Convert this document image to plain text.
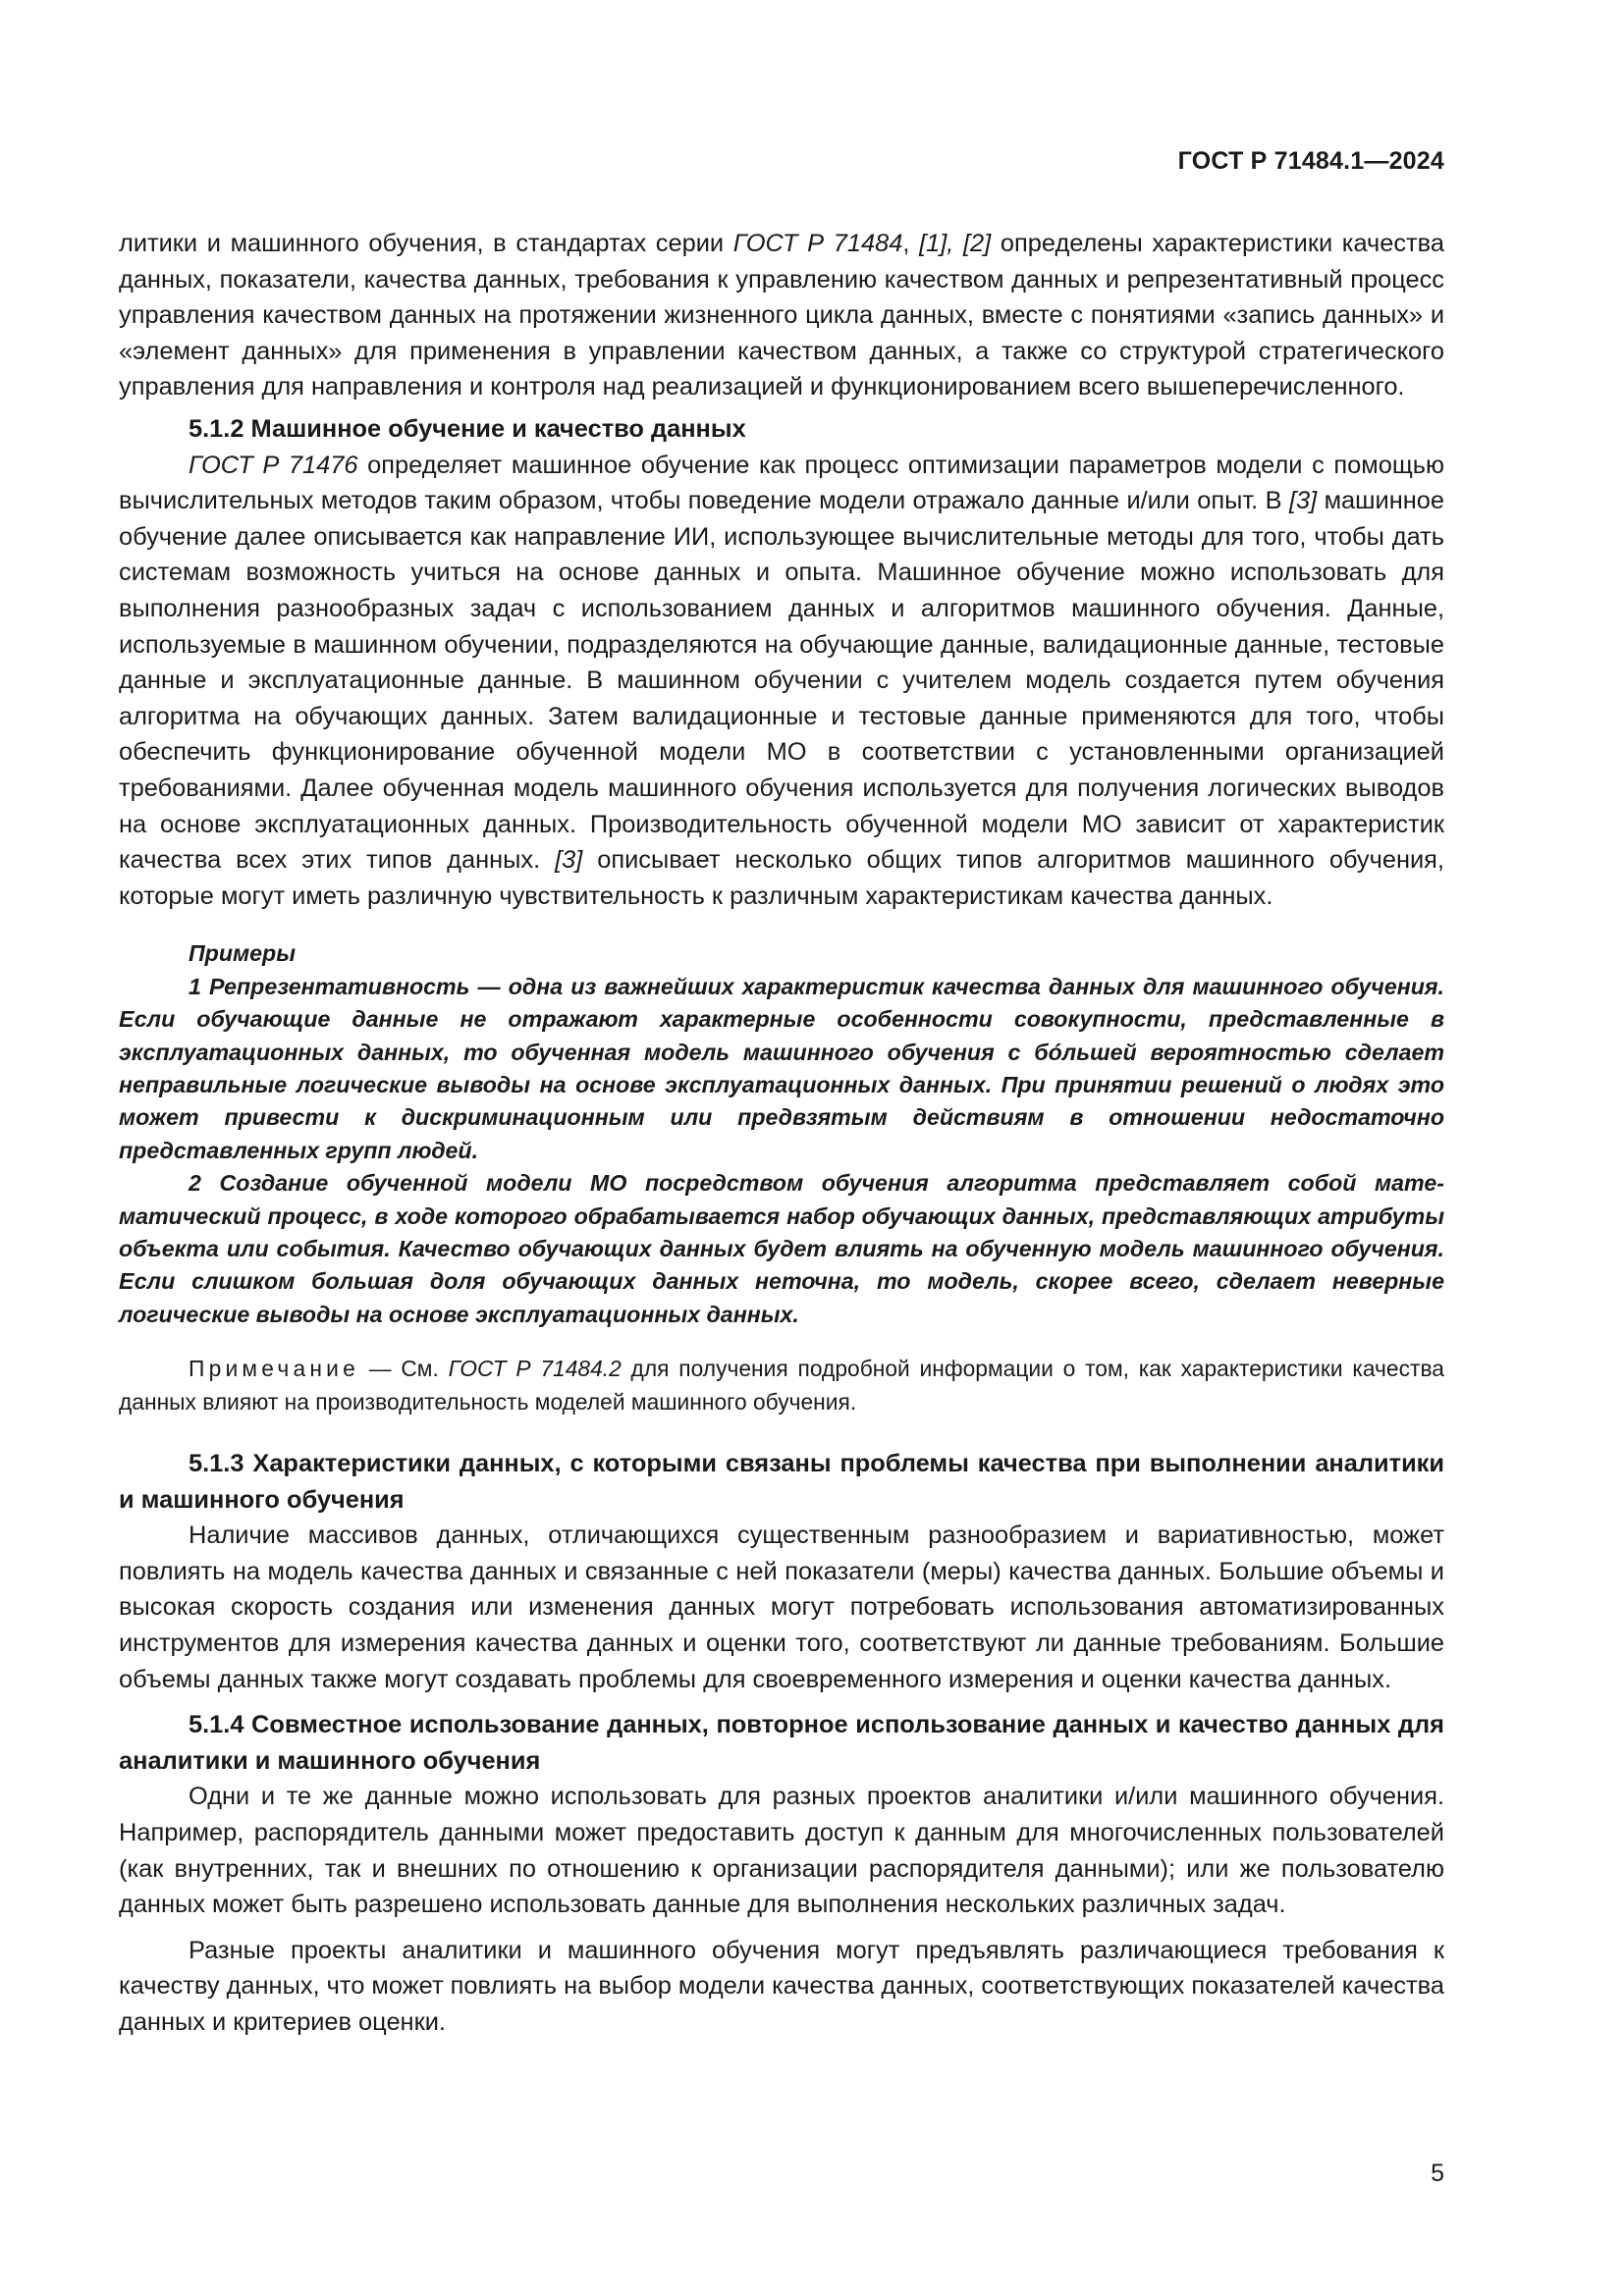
ГОСТ Р 71484.1—2024

литики и машинного обучения, в стандартах серии ГОСТ Р 71484, [1], [2] определены характеристики качества данных, показатели, качества данных, требования к управлению качеством данных и репрезентативный процесс управления качеством данных на протяжении жизненного цикла данных, вместе с понятиями «запись данных» и «элемент данных» для применения в управлении качеством данных, а также со структурой стратегического управления для направления и контроля над реализацией и функционированием всего вышеперечисленного.

5.1.2 Машинное обучение и качество данных

ГОСТ Р 71476 определяет машинное обучение как процесс оптимизации параметров модели с помощью вычислительных методов таким образом, чтобы поведение модели отражало данные и/или опыт. В [3] машинное обучение далее описывается как направление ИИ, использующее вычислительные методы для того, чтобы дать системам возможность учиться на основе данных и опыта. Машинное обучение можно использовать для выполнения разнообразных задач с использованием данных и алгоритмов машинного обучения. Данные, используемые в машинном обучении, подразделяются на обучающие данные, валидационные данные, тестовые данные и эксплуатационные данные. В машинном обучении с учителем модель создается путем обучения алгоритма на обучающих данных. Затем валидационные и тестовые данные применяются для того, чтобы обеспечить функционирование обученной модели МО в соответствии с установленными организацией требованиями. Далее обученная модель машинного обучения используется для получения логических выводов на основе эксплуатационных данных. Производительность обученной модели МО зависит от характеристик качества всех этих типов данных. [3] описывает несколько общих типов алгоритмов машинного обучения, которые могут иметь различную чувствительность к различным характеристикам качества данных.

Примеры

1 Репрезентативность — одна из важнейших характеристик качества данных для машинного обучения. Если обучающие данные не отражают характерные особенности совокупности, представленные в эксплуатационных данных, то обученная модель машинного обучения с бóльшей вероятностью сделает неправильные логические выводы на основе эксплуатационных данных. При принятии решений о людях это может привести к дискриминационным или предвзятым действиям в отношении недостаточно представленных групп людей.

2 Создание обученной модели МО посредством обучения алгоритма представляет собой математический процесс, в ходе которого обрабатывается набор обучающих данных, представляющих атрибуты объекта или события. Качество обучающих данных будет влиять на обученную модель машинного обучения. Если слишком большая доля обучающих данных неточна, то модель, скорее всего, сделает неверные логические выводы на основе эксплуатационных данных.

Примечание — См. ГОСТ Р 71484.2 для получения подробной информации о том, как характеристики качества данных влияют на производительность моделей машинного обучения.

5.1.3 Характеристики данных, с которыми связаны проблемы качества при выполнении аналитики и машинного обучения

Наличие массивов данных, отличающихся существенным разнообразием и вариативностью, может повлиять на модель качества данных и связанные с ней показатели (меры) качества данных. Большие объемы и высокая скорость создания или изменения данных могут потребовать использования автоматизированных инструментов для измерения качества данных и оценки того, соответствуют ли данные требованиям. Большие объемы данных также могут создавать проблемы для своевременного измерения и оценки качества данных.

5.1.4 Совместное использование данных, повторное использование данных и качество данных для аналитики и машинного обучения

Одни и те же данные можно использовать для разных проектов аналитики и/или машинного обучения. Например, распорядитель данными может предоставить доступ к данным для многочисленных пользователей (как внутренних, так и внешних по отношению к организации распорядителя данными); или же пользователю данных может быть разрешено использовать данные для выполнения нескольких различных задач.

Разные проекты аналитики и машинного обучения могут предъявлять различающиеся требования к качеству данных, что может повлиять на выбор модели качества данных, соответствующих показателей качества данных и критериев оценки.

5
